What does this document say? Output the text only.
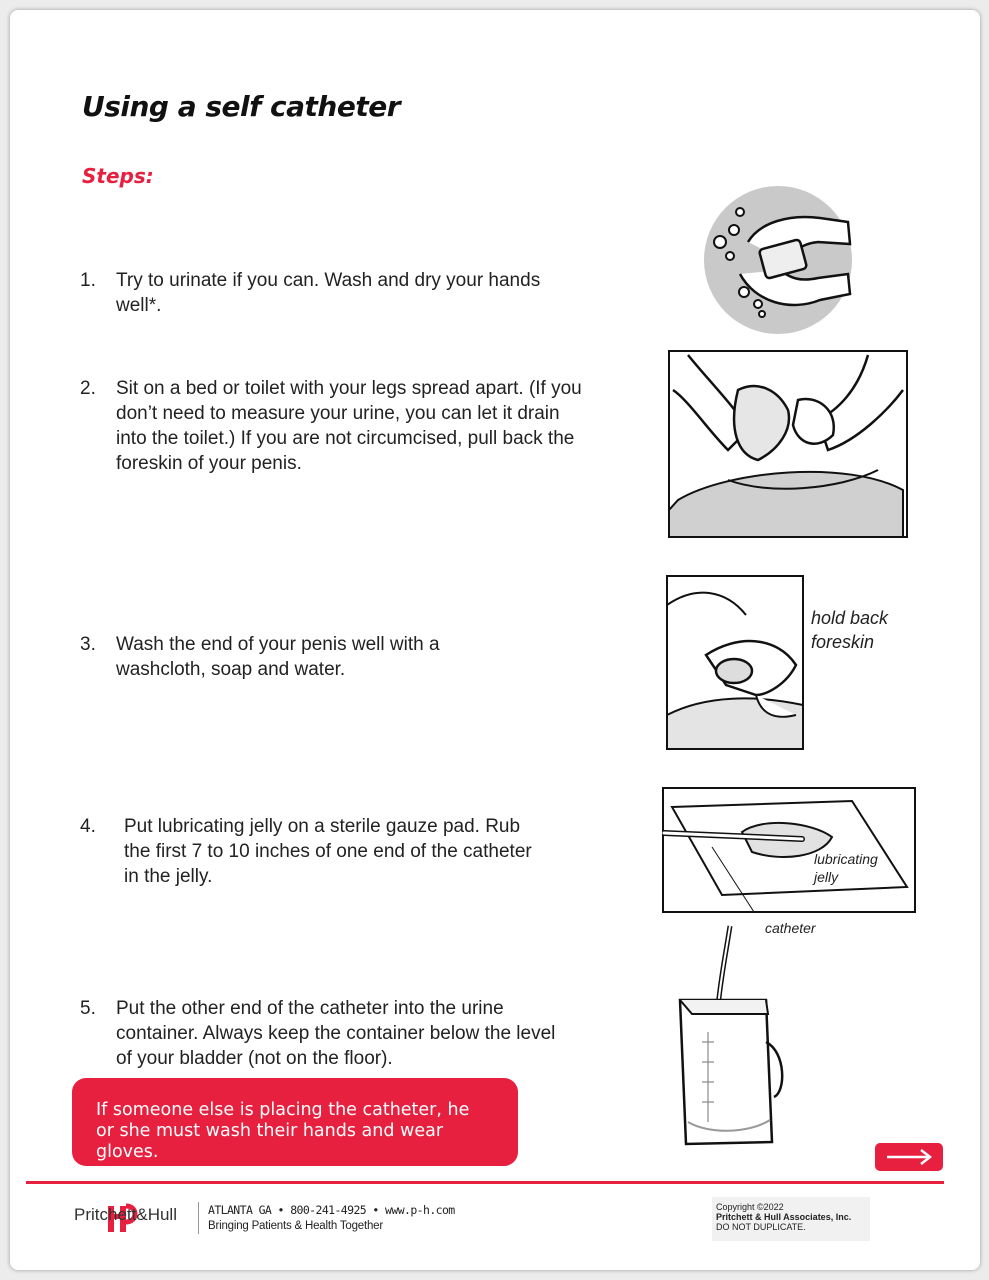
Using a self catheter
Steps:
1.	Try to urinate if you can. Wash and dry your hands well*.
2.	Sit on a bed or toilet with your legs spread apart. (If you don’t need to measure your urine, you can let it drain into the toilet.) If you are not circumcised, pull back the foreskin of your penis.
3.	Wash the end of your penis well with a washcloth, soap and water.
4.	Put lubricating jelly on a sterile gauze pad. Rub the first 7 to 10 inches of one end of the catheter in the jelly.
5.	Put the other end of the catheter into the urine container. Always keep the container below the level of your bladder (not on the floor).
hold back
foreskin
lubricating
jelly
catheter
If someone else is placing the catheter, he
or she must wash their hands and wear gloves.
Pritchett&Hull	ATLANTA GA • 800-241-4925 • www.p-h.com
Bringing Patients & Health Together
Copyright ©2022
Pritchett & Hull Associates, Inc.
DO NOT DUPLICATE.
